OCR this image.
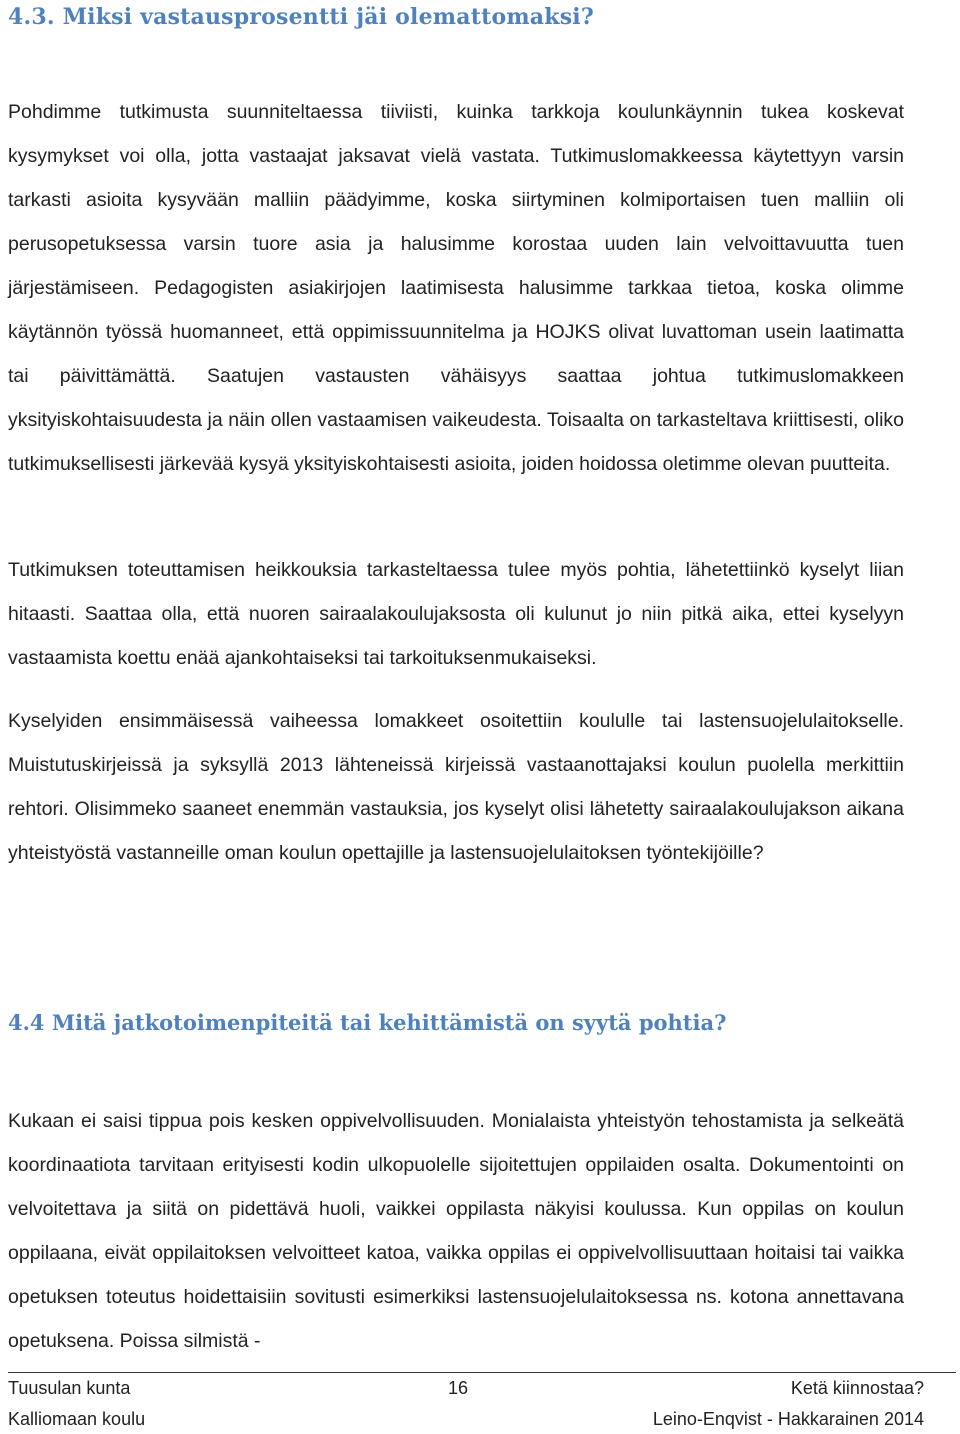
4.3. Miksi vastausprosentti jäi olemattomaksi?

Pohdimme tutkimusta suunniteltaessa tiiviisti, kuinka tarkkoja koulunkäynnin tukea koskevat kysymykset voi olla, jotta vastaajat jaksavat vielä vastata. Tutkimuslomakkeessa käytettyyn varsin tarkasti asioita kysyvään malliin päädyimme, koska siirtyminen kolmiportaisen tuen malliin oli perusopetuksessa varsin tuore asia ja halusimme korostaa uuden lain velvoittavuutta tuen järjestämiseen. Pedagogisten asiakirjojen laatimisesta halusimme tarkkaa tietoa, koska olimme käytännön työssä huomanneet, että oppimissuunnitelma ja HOJKS olivat luvattoman usein laatimatta tai päivittämättä. Saatujen vastausten vähäisyys saattaa johtua tutkimuslomakkeen yksityiskohtaisuudesta ja näin ollen vastaamisen vaikeudesta. Toisaalta on tarkasteltava kriittisesti, oliko tutkimuksellisesti järkevää kysyä yksityiskohtaisesti asioita, joiden hoidossa oletimme olevan puutteita.

Tutkimuksen toteuttamisen heikkouksia tarkasteltaessa tulee myös pohtia, lähetettiinkö kyselyt liian hitaasti. Saattaa olla, että nuoren sairaalakoulujaksosta oli kulunut jo niin pitkä aika, ettei kyselyyn vastaamista koettu enää ajankohtaiseksi tai tarkoituksenmukaiseksi.

Kyselyiden ensimmäisessä vaiheessa lomakkeet osoitettiin koululle tai lastensuojelulaitokselle. Muistutuskirjeissä ja syksyllä 2013 lähteneissä kirjeissä vastaanottajaksi koulun puolella merkittiin rehtori. Olisimmeko saaneet enemmän vastauksia, jos kyselyt olisi lähetetty sairaalakoulujakson aikana yhteistyöstä vastanneille oman koulun opettajille ja lastensuojelulaitoksen työntekijöille?

4.4 Mitä jatkotoimenpiteitä tai kehittämistä on syytä pohtia?

Kukaan ei saisi tippua pois kesken oppivelvollisuuden. Monialaista yhteistyön tehostamista ja selkeätä koordinaatiota tarvitaan erityisesti kodin ulkopuolelle sijoitettujen oppilaiden osalta. Dokumentointi on velvoitettava ja siitä on pidettävä huoli, vaikkei oppilasta näkyisi koulussa. Kun oppilas on koulun oppilaana, eivät oppilaitoksen velvoitteet katoa, vaikka oppilas ei oppivelvollisuuttaan hoitaisi tai vaikka opetuksen toteutus hoidettaisiin sovitusti esimerkiksi lastensuojelulaitoksessa ns. kotona annettavana opetuksena. Poissa silmistä -

Tuusulan kunta	16	Ketä kiinnostaa?
Kalliomaan koulu	Leino-Enqvist - Hakkarainen 2014
